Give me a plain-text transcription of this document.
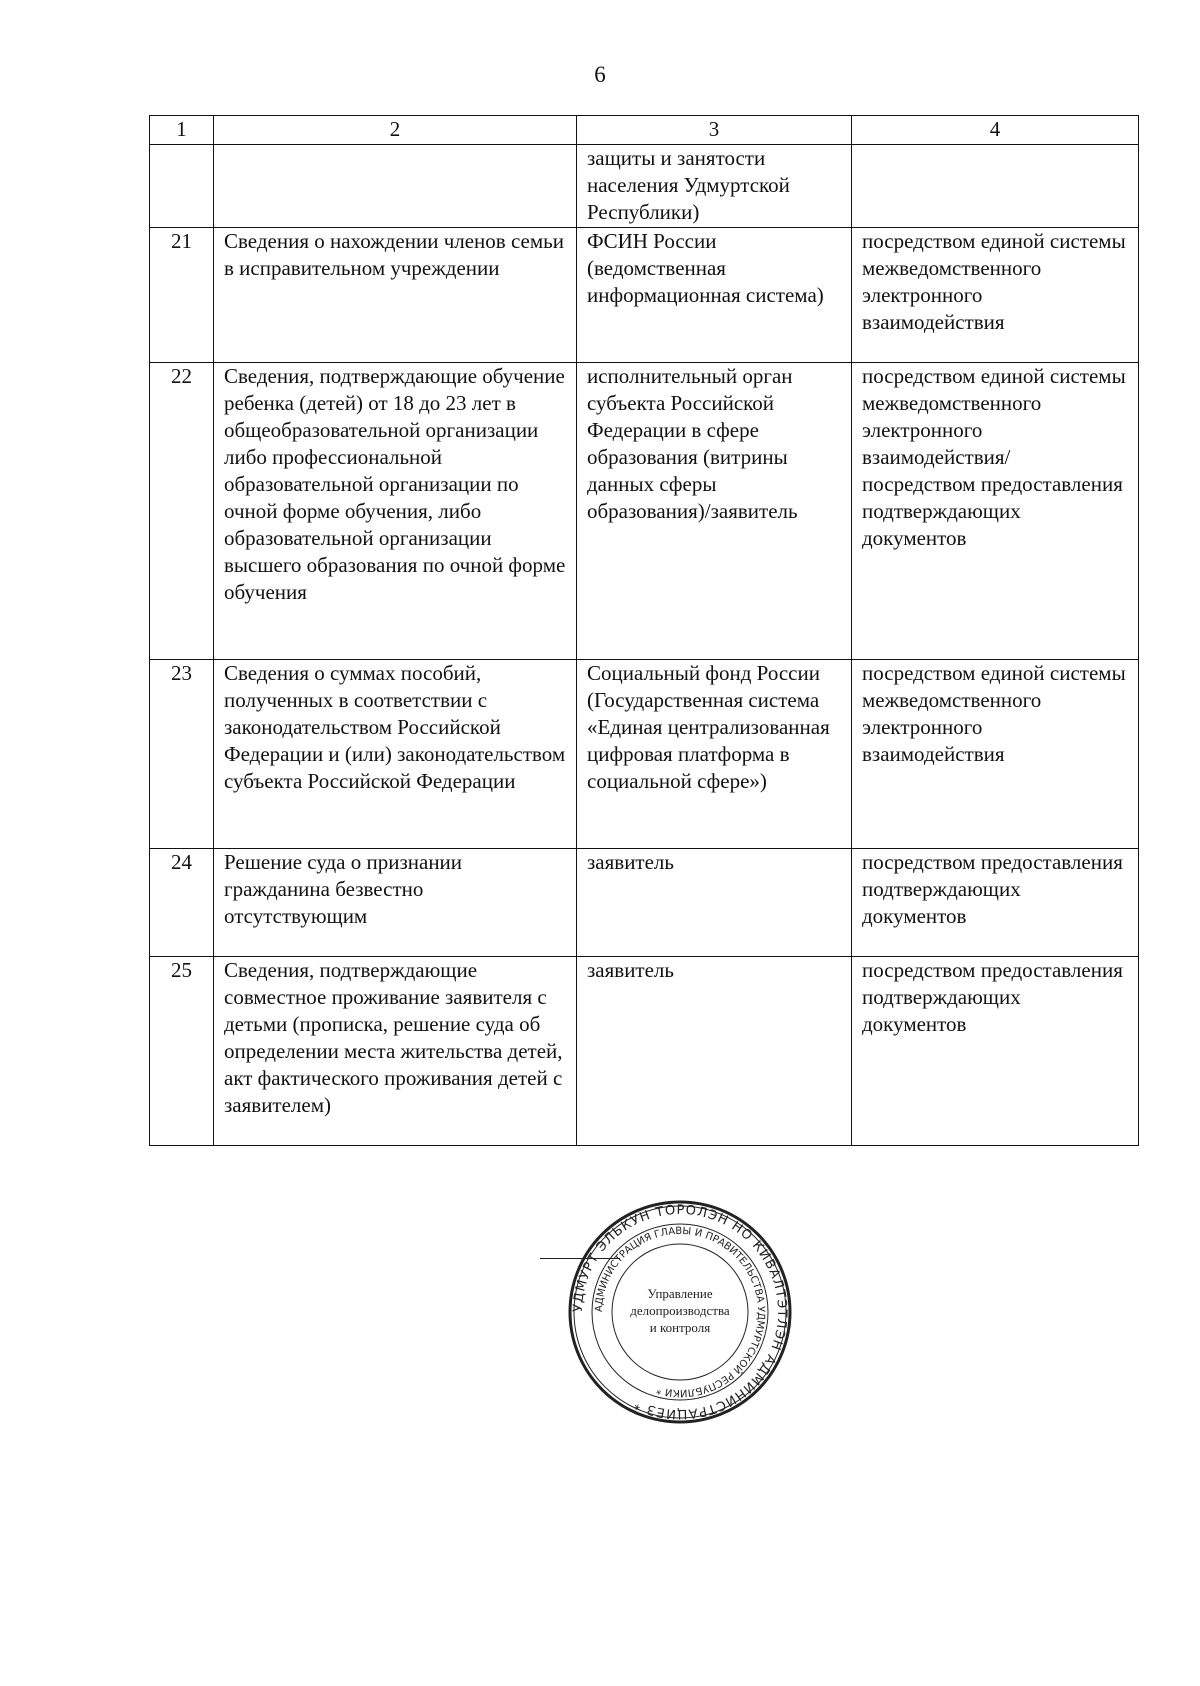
6
1	2	3	4
		защиты и занятости населения Удмуртской Республики)	
21	Сведения о нахождении членов семьи в исправительном учреждении	ФСИН России (ведомственная информационная система)	посредством единой системы межведомственного электронного взаимодействия
22	Сведения, подтверждающие обучение ребенка (детей) от 18 до 23 лет в общеобразовательной организации либо профессиональной образовательной организации по очной форме обучения, либо образовательной организации высшего образования по очной форме обучения	исполнительный орган субъекта Российской Федерации в сфере образования (витрины данных сферы образования)/заявитель	посредством единой системы межведомственного электронного взаимодействия/ посредством предоставления подтверждающих документов
23	Сведения о суммах пособий, полученных в соответствии с законодательством Российской Федерации и (или) законодательством субъекта Российской Федерации	Социальный фонд России (Государственная система «Единая централизованная цифровая платформа в социальной сфере»)	посредством единой системы межведомственного электронного взаимодействия
24	Решение суда о признании гражданина безвестно отсутствующим	заявитель	посредством предоставления подтверждающих документов
25	Сведения, подтверждающие совместное проживание заявителя с детьми (прописка, решение суда об определении места жительства детей, акт фактического проживания детей с заявителем)	заявитель	посредством предоставления подтверждающих документов
УДМУРТ ЭЛЬКУН ТӦРОЛЭН НО КИВАЛТЭТЛЭН АДМИНИСТРАЦИЕЗ *
АДМИНИСТРАЦИЯ ГЛАВЫ И ПРАВИТЕЛЬСТВА УДМУРТСКОЙ РЕСПУБЛИКИ *
Управление
делопроизводства
и контроля
